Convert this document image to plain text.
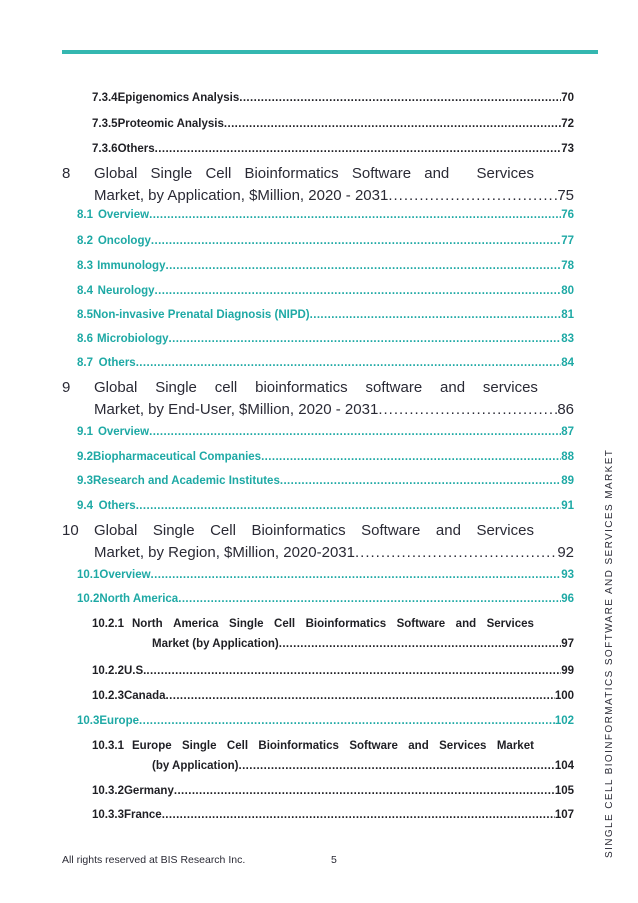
7.3.4 Epigenomics Analysis .....	70
7.3.5 Proteomic Analysis .....	72
7.3.6 Others .....	73
8 Global Single Cell Bioinformatics Software and Services
Market, by Application, $Million, 2020 - 2031 .....	75
8.1 Overview .....	76
8.2 Oncology .....	77
8.3 Immunology .....	78
8.4 Neurology .....	80
8.5 Non-invasive Prenatal Diagnosis (NIPD) .....	81
8.6 Microbiology .....	83
8.7 Others .....	84
9 Global Single cell bioinformatics software and services
Market, by End-User, $Million, 2020 - 2031 .....	86
9.1 Overview .....	87
9.2 Biopharmaceutical Companies .....	88
9.3 Research and Academic Institutes .....	89
9.4 Others .....	91
10 Global Single Cell Bioinformatics Software and Services
Market, by Region, $Million, 2020-2031 .....	92
10.1 Overview .....	93
10.2 North America .....	96
10.2.1 North America Single Cell Bioinformatics Software and Services
Market (by Application) .....	97
10.2.2 U.S. .....	99
10.2.3 Canada .....	100
10.3 Europe .....	102
10.3.1 Europe Single Cell Bioinformatics Software and Services Market
(by Application) .....	104
10.3.2 Germany .....	105
10.3.3 France .....	107	SINGLE CELL BIOINFORMATICS SOFTWARE AND SERVICES MARKET
All rights reserved at BIS Research Inc.	5
